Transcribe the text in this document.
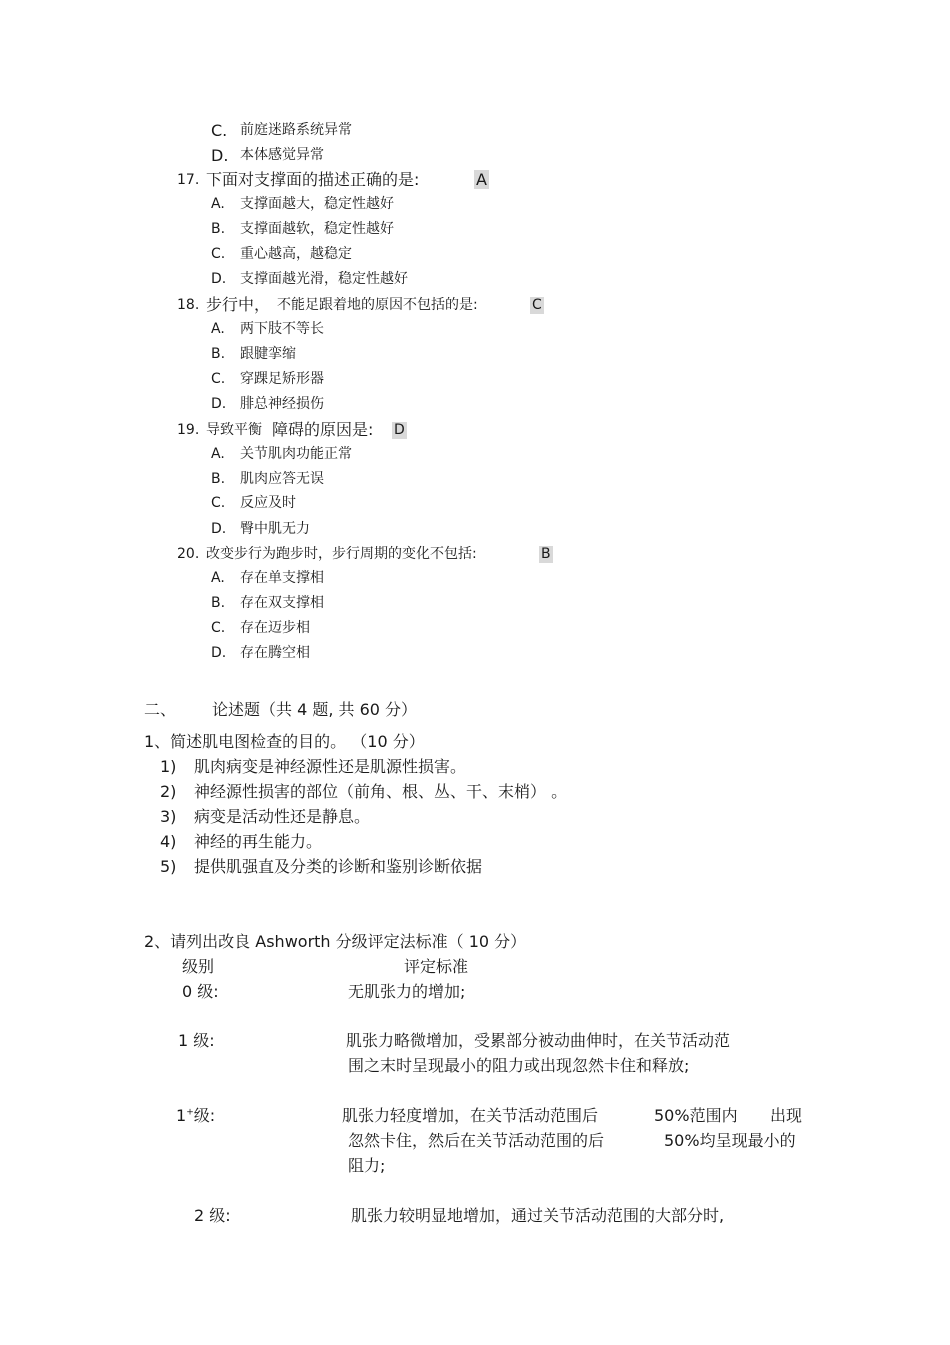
C. 前庭迷路系统异常
D. 本体感觉异常
17. 下面对支撑面的描述正确的是:	A
A. 支撑面越大，稳定性越好
B. 支撑面越软，稳定性越好
C. 重心越高，越稳定
D. 支撑面越光滑，稳定性越好
18. 步行中， 不能足跟着地的原因不包括的是:	C
A. 两下肢不等长
B. 跟腱挛缩
C. 穿踝足矫形器
D. 腓总神经损伤
19. 导致平衡 障碍的原因是: D
A. 关节肌肉功能正常
B. 肌肉应答无误
C. 反应及时
D. 臀中肌无力
20. 改变步行为跑步时，步行周期的变化不包括:	B
A. 存在单支撑相
B. 存在双支撑相
C. 存在迈步相
D. 存在腾空相
二、 论述题（共 4 题, 共 60 分）
1、简述肌电图检查的目的。 （10 分）
1) 肌肉病变是神经源性还是肌源性损害。
2) 神经源性损害的部位（前角、根、丛、干、末梢） 。
3) 病变是活动性还是静息。
4) 神经的再生能力。
5) 提供肌强直及分类的诊断和鉴别诊断依据
2、请列出改良 Ashworth 分级评定法标准（ 10 分）
级别	评定标准
0 级:	无肌张力的增加;
1 级:	肌张力略微增加，受累部分被动曲伸时，在关节活动范
围之末时呈现最小的阻力或出现忽然卡住和释放;
1+级:	肌张力轻度增加，在关节活动范围后	50%范围内 出现
忽然卡住，然后在关节活动范围的后	50%均呈现最小的
阻力;
2 级:	肌张力较明显地增加，通过关节活动范围的大部分时,
